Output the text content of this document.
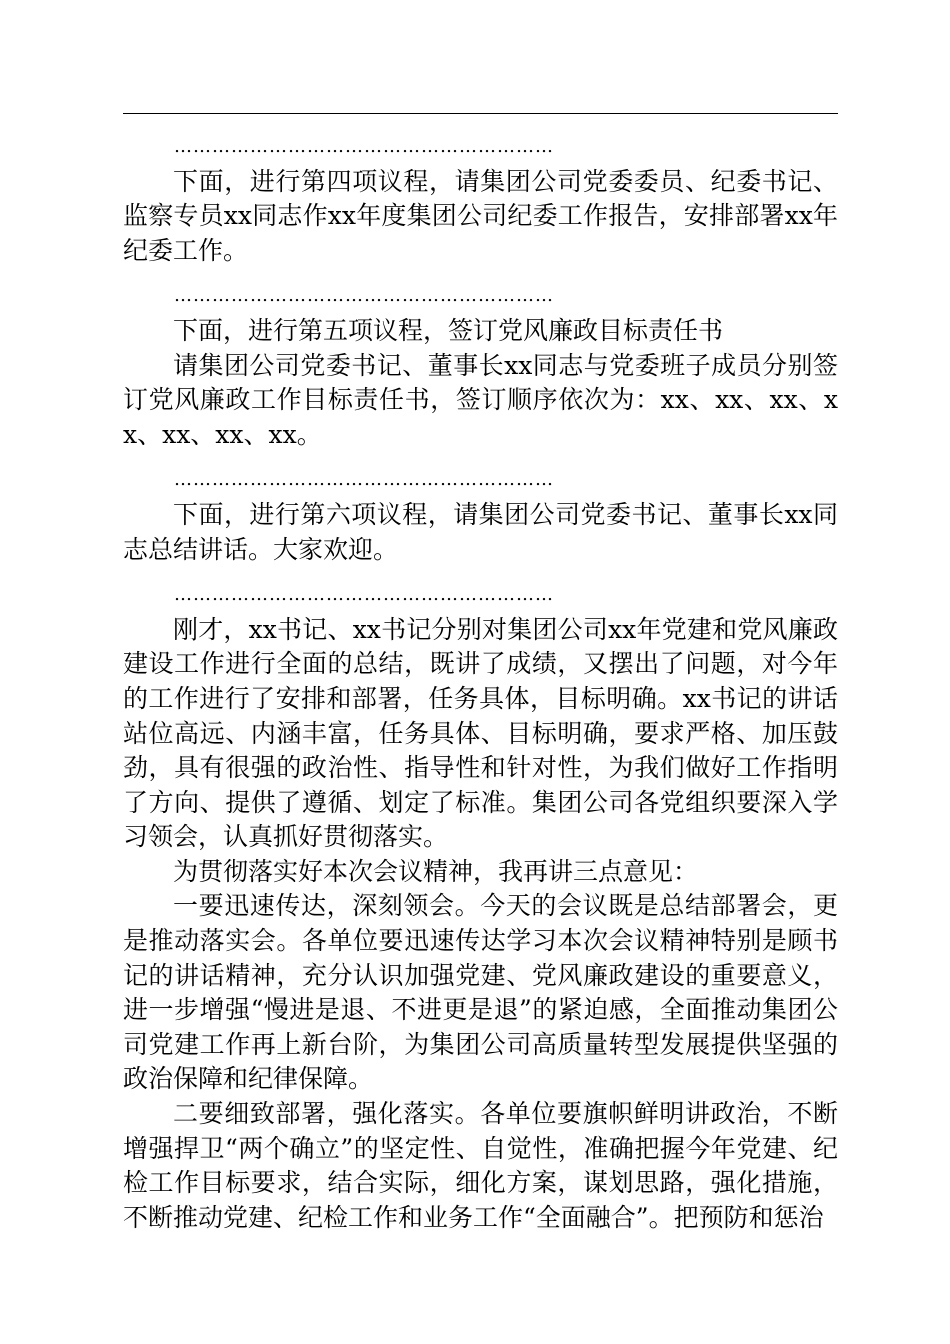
……………………………………………………

下面，进行第四项议程，请集团公司党委委员、纪委书记、监察专员xx同志作xx年度集团公司纪委工作报告，安排部署xx年纪委工作。

……………………………………………………

下面，进行第五项议程，签订党风廉政目标责任书

请集团公司党委书记、董事长xx同志与党委班子成员分别签订党风廉政工作目标责任书，签订顺序依次为：xx、xx、xx、xx、xx、xx、xx。

……………………………………………………

下面，进行第六项议程，请集团公司党委书记、董事长xx同志总结讲话。大家欢迎。

……………………………………………………

刚才，xx书记、xx书记分别对集团公司xx年党建和党风廉政建设工作进行全面的总结，既讲了成绩，又摆出了问题，对今年的工作进行了安排和部署，任务具体，目标明确。xx书记的讲话站位高远、内涵丰富，任务具体、目标明确，要求严格、加压鼓劲，具有很强的政治性、指导性和针对性，为我们做好工作指明了方向、提供了遵循、划定了标准。集团公司各党组织要深入学习领会，认真抓好贯彻落实。

为贯彻落实好本次会议精神，我再讲三点意见：

一要迅速传达，深刻领会。今天的会议既是总结部署会，更是推动落实会。各单位要迅速传达学习本次会议精神特别是顾书记的讲话精神，充分认识加强党建、党风廉政建设的重要意义，进一步增强“慢进是退、不进更是退”的紧迫感，全面推动集团公司党建工作再上新台阶，为集团公司高质量转型发展提供坚强的政治保障和纪律保障。

二要细致部署，强化落实。各单位要旗帜鲜明讲政治，不断增强捍卫“两个确立”的坚定性、自觉性，准确把握今年党建、纪检工作目标要求，结合实际，细化方案，谋划思路，强化措施，不断推动党建、纪检工作和业务工作“全面融合”。把预防和惩治
